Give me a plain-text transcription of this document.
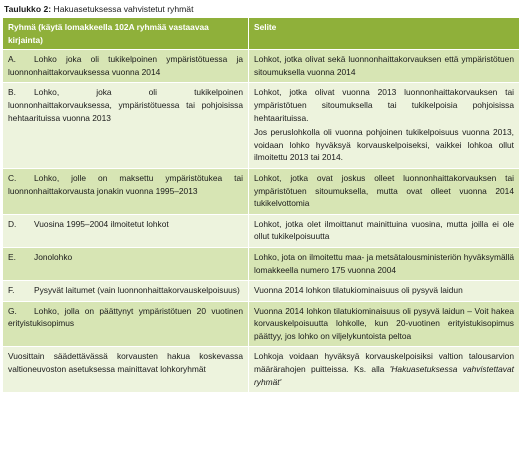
Taulukko 2: Hakuasetuksessa vahvistetut ryhmät
Ryhmä (käytä lomakkeella 102A ryhmää vastaavaa kirjainta)	Selite
A. Lohko joka oli tukikelpoinen ympäristötuessa ja luonnonhaittakorvauksessa vuonna 2014	Lohkot, jotka olivat sekä luonnonhaittakorvauksen että ympäristötuen sitoumuksella vuonna 2014
B. Lohko, joka oli tukikelpoinen luonnonhaittakorvauksessa, ympäristötuessa tai pohjoisissa hehtaarituissa vuonna 2013	Lohkot, jotka olivat vuonna 2013 luonnonhaittakorvauksen tai ympäristötuen sitoumuksella tai tukikelpoisia pohjoisissa hehtaarituissa.
Jos peruslohkolla oli vuonna pohjoinen tukikelpoisuus vuonna 2013, voidaan lohko hyväksyä korvauskelpoiseksi, vaikkei lohkoa ollut ilmoitettu 2013 tai 2014.

C. Lohko, jolle on maksettu ympäristötukea tai luonnonhaittakorvausta jonakin vuonna 1995–2013	Lohkot, jotka ovat joskus olleet luonnonhaittakorvauksen tai ympäristötuen sitoumuksella, mutta ovat olleet vuonna 2014 tukikelvottomia
D. Vuosina 1995–2004 ilmoitetut lohkot	Lohkot, jotka olet ilmoittanut mainittuina vuosina, mutta joilla ei ole ollut tukikelpoisuutta
E. Jonolohko	Lohko, jota on ilmoitettu maa- ja metsätalousministeriön hyväksymällä lomakkeella numero 175 vuonna 2004
F. Pysyvät laitumet (vain luonnonhaittakorvauskelpoisuus)	Vuonna 2014 lohkon tilatukiominaisuus oli pysyvä laidun
G. Lohko, jolla on päättynyt ympäristötuen 20 vuotinen erityistukisopimus	Vuonna 2014 lohkon tilatukiominaisuus oli pysyvä laidun – Voit hakea korvauskelpoisuutta lohkolle, kun 20-vuotinen erityistukisopimus päättyy, jos lohko on viljelykuntoista peltoa
Vuosittain säädettävässä korvausten hakua koskevassa valtioneuvoston asetuksessa mainittavat lohkoryhmät	Lohkoja voidaan hyväksyä korvauskelpoisiksi valtion talousarvion määrärahojen puitteissa. Ks. alla 'Hakuasetuksessa vahvistettavat ryhmät'
